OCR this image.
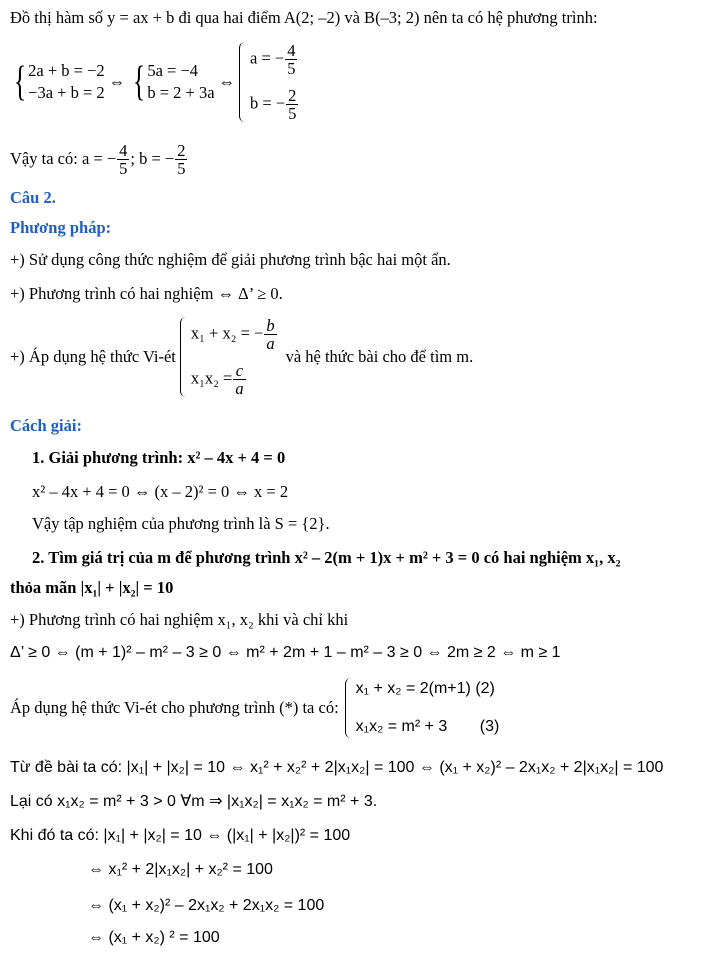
Đồ thị hàm số y = ax + b đi qua hai điểm A(2; –2) và B(–3; 2) nên ta có hệ phương trình:
{ 2a + b = −2
−3a + b = 2
⇔ { 5a = −4
b = 2 + 3a
⇔
a = − $\frac{4}{5}$
b = − $\frac{2}{5}$
Vậy ta có:
a = − $\frac{4}{5}$ ;
b = − $\frac{2}{5}$
Câu 2.
Phương pháp:
+) Sử dụng công thức nghiệm để giải phương trình bậc hai một ẩn.
+) Phương trình có hai nghiệm ⇔ Δ’ ≥ 0.
+) Áp dụng hệ thức Vi-ét
x₁ + x₂ = − $\frac{b}{a}$
$x_1x_2 = \frac{c}{a}$
và hệ thức bài cho để tìm m.
Cách giải:
1. Giải phương trình: x² – 4x + 4 = 0
x² – 4x + 4 = 0 ⇔ (x – 2)² = 0 ⇔ x = 2
Vậy tập nghiệm của phương trình là S = {2}.
2. Tìm giá trị của m để phương trình x² – 2(m + 1)x + m² + 3 = 0 có hai nghiệm x₁, x₂
thỏa mãn |x₁| + |x₂| = 10
+) Phương trình có hai nghiệm x₁, x₂ khi và chỉ khi
Δ’ ≥ 0 ⇔ (m + 1)² – m² – 3 ≥ 0 ⇔ m² + 2m + 1 – m² – 3 ≥ 0 ⇔ 2m ≥ 2 ⇔ m ≥ 1
Áp dụng hệ thức Vi-ét cho phương trình (*) ta có:
x₁ + x₂ = 2(m+1) (2)
x₁x₂ = m² + 3 (3)
Từ đề bài ta có: |x₁| + |x₂| = 10 ⇔ x₁² + x₂² + 2|x₁x₂| = 100 ⇔ (x₁ + x₂)² – 2x₁x₂ + 2|x₁x₂| = 100
Lại có x₁x₂ = m² + 3 > 0 ∀m ⇒ |x₁x₂| = x₁x₂ = m² + 3.
Khi đó ta có: |x₁| + |x₂| = 10 ⇔ (|x₁| + |x₂|)² = 100
⇔ x₁² + 2|x₁x₂| + x₂² = 100
⇔ (x₁ + x₂)² – 2x₁x₂ + 2x₁x₂ = 100
⇔ (x₁ + x₂) ² = 100
